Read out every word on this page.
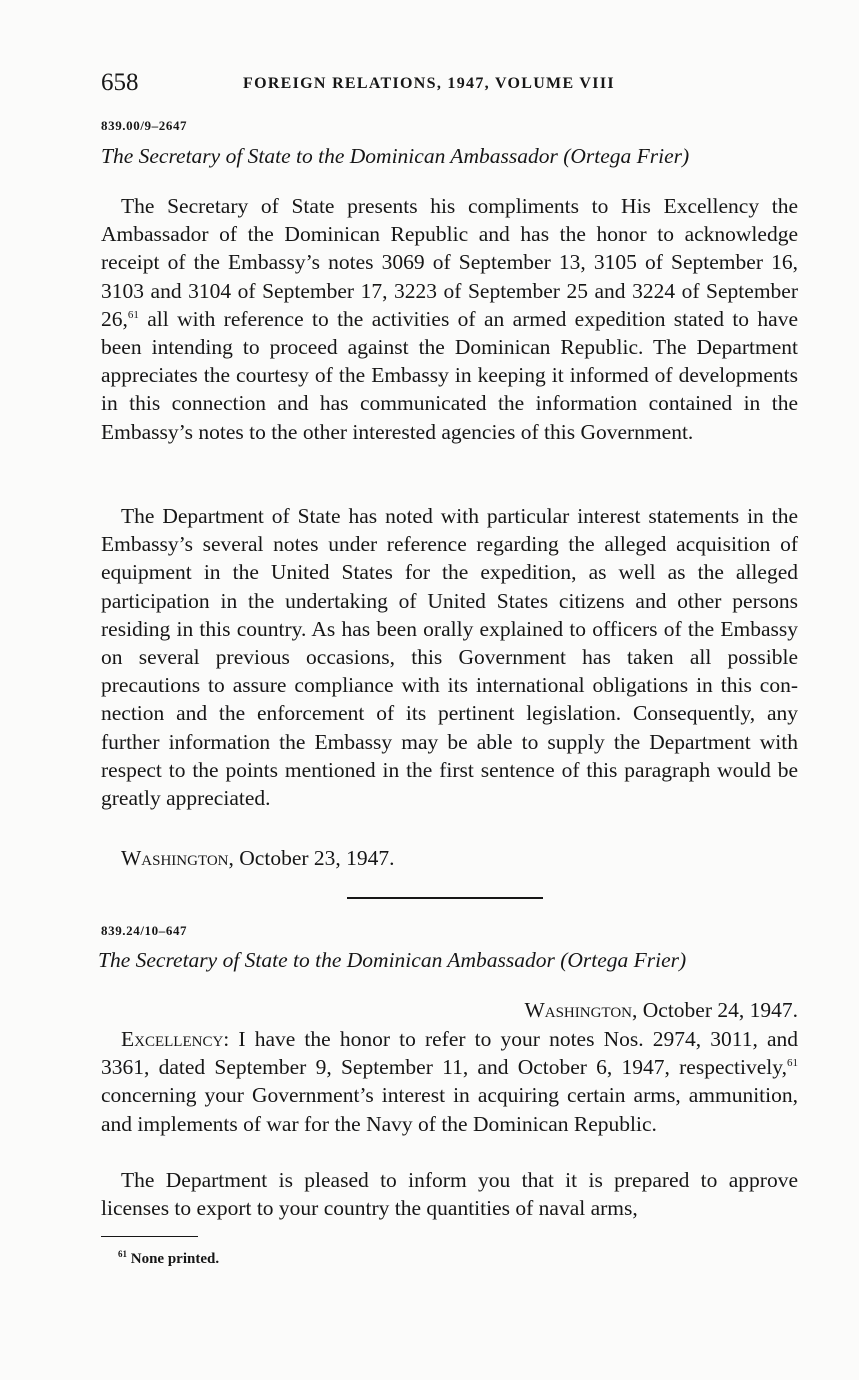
658	FOREIGN RELATIONS, 1947, VOLUME VIII
839.00/9–2647
The Secretary of State to the Dominican Ambassador (Ortega Frier)

The Secretary of State presents his compliments to His Excellency the Ambassador of the Dominican Republic and has the honor to acknowledge receipt of the Embassy’s notes 3069 of September 13, 3105 of September 16, 3103 and 3104 of September 17, 3223 of September 25 and 3224 of September 26,61 all with reference to the activities of an armed expedition stated to have been intending to proceed against the Dominican Republic. The Department appreciates the courtesy of the Embassy in keeping it informed of developments in this connection and has communicated the information contained in the Embassy’s notes to the other interested agencies of this Government.

The Department of State has noted with particular interest statements in the Embassy’s several notes under reference regarding the alleged acquisition of equipment in the United States for the expedition, as well as the alleged participation in the undertaking of United States citizens and other persons residing in this country. As has been orally explained to officers of the Embassy on several previous occasions, this Government has taken all possible precautions to assure compliance with its international obligations in this connection and the enforcement of its pertinent legislation. Consequently, any further information the Embassy may be able to supply the Department with respect to the points mentioned in the first sentence of this paragraph would be greatly appreciated.

Washington, October 23, 1947.
839.24/10–647
The Secretary of State to the Dominican Ambassador (Ortega Frier)
Washington, October 24, 1947.

Excellency: I have the honor to refer to your notes Nos. 2974, 3011, and 3361, dated September 9, September 11, and October 6, 1947, respectively,$^{61}$ concerning your Government’s interest in acquiring certain arms, ammunition, and implements of war for the Navy of the Dominican Republic.

The Department is pleased to inform you that it is prepared to approve licenses to export to your country the quantities of naval arms,

$^{61}$ None printed.
